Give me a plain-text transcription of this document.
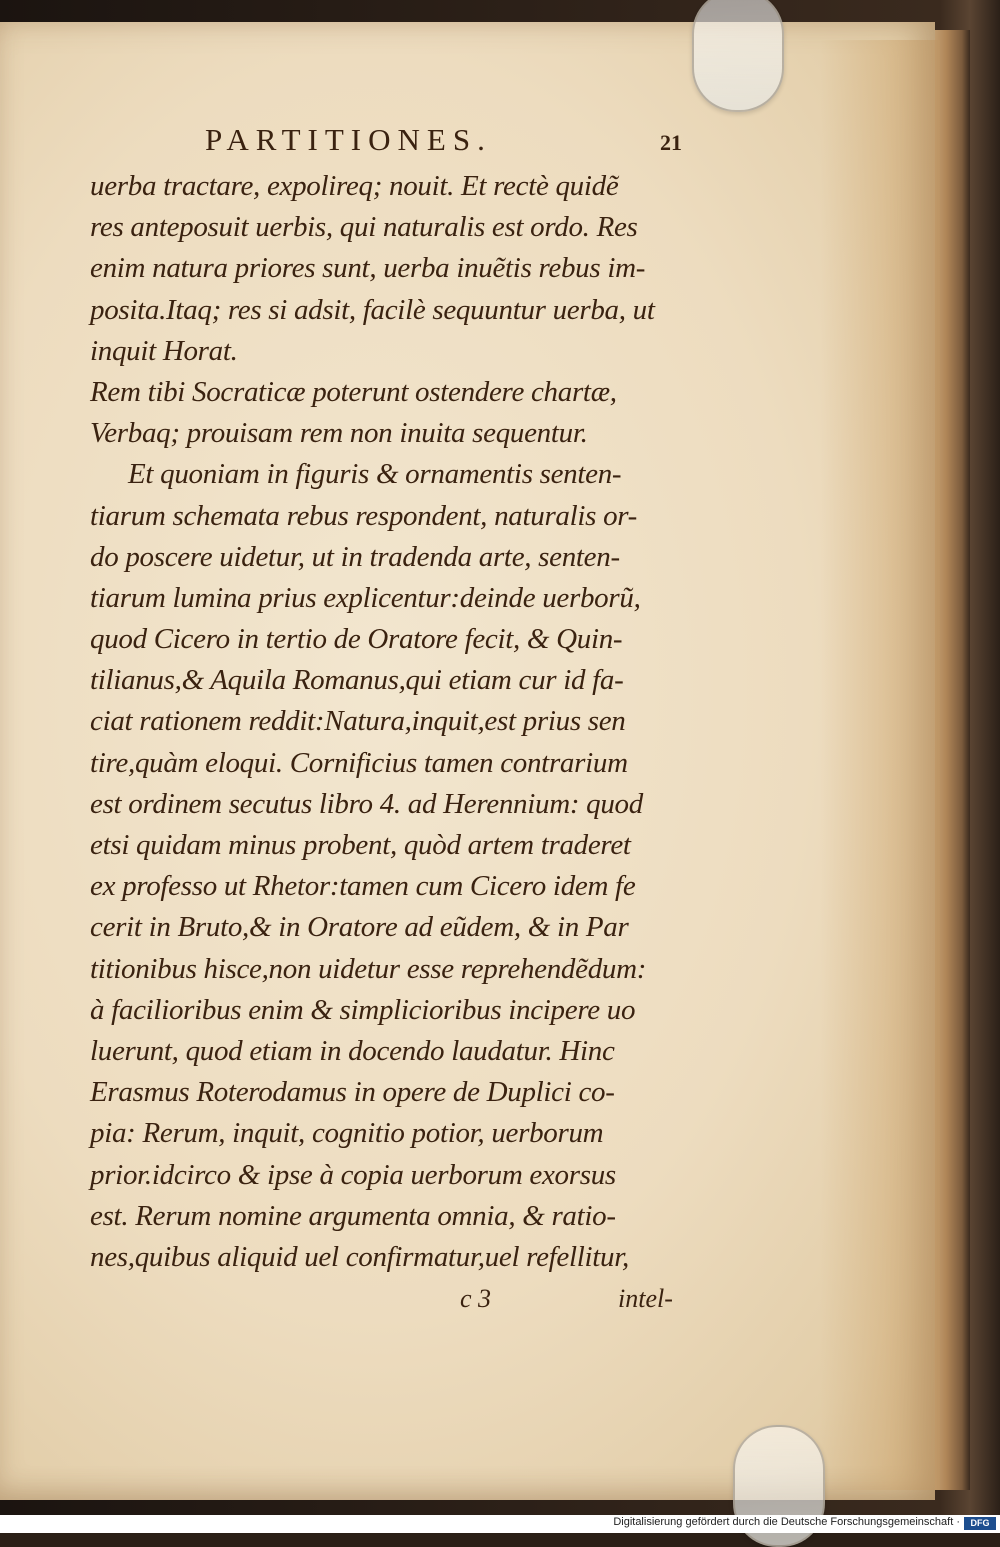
PARTITIONES.	21
uerba tractare, expolireq; nouit. Et rectè quidẽ
res anteposuit uerbis, qui naturalis est ordo. Res
enim natura priores sunt, uerba inuẽtis rebus im-
posita.Itaq; res si adsit, facilè sequuntur uerba, ut
inquit Horat.
Rem tibi Socraticæ poterunt ostendere chartæ,
Verbaq; prouisam rem non inuita sequentur.
Et quoniam in figuris & ornamentis senten-
tiarum schemata rebus respondent, naturalis or-
do poscere uidetur, ut in tradenda arte, senten-
tiarum lumina prius explicentur:deinde uerborũ,
quod Cicero in tertio de Oratore fecit, & Quin-
tilianus,& Aquila Romanus,qui etiam cur id fa-
ciat rationem reddit:Natura,inquit,est prius sen
tire,quàm eloqui. Cornificius tamen contrarium
est ordinem secutus libro 4. ad Herennium: quod
etsi quidam minus probent, quòd artem traderet
ex professo ut Rhetor:tamen cum Cicero idem fe
cerit in Bruto,& in Oratore ad eũdem, & in Par
titionibus hisce,non uidetur esse reprehendẽdum:
à facilioribus enim & simplicioribus incipere uo
luerunt, quod etiam in docendo laudatur. Hinc
Erasmus Roterodamus in opere de Duplici co-
pia: Rerum, inquit, cognitio potior, uerborum
prior.idcirco & ipse à copia uerborum exorsus
est. Rerum nomine argumenta omnia, & ratio-
nes,quibus aliquid uel confirmatur,uel refellitur,
c 3	intel-
Digitalisierung gefördert durch die Deutsche Forschungsgemeinschaft ·	DFG
